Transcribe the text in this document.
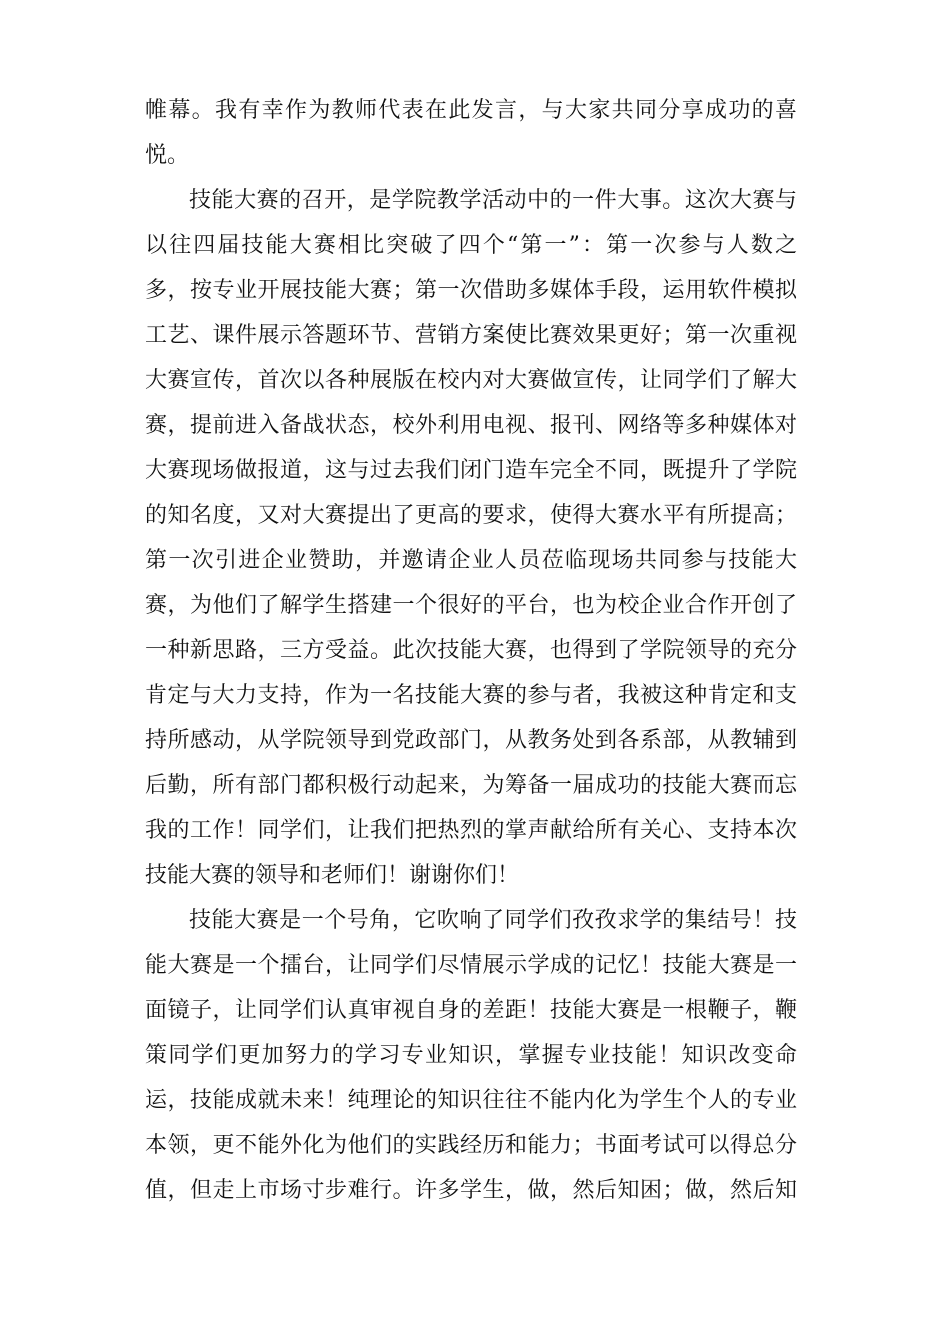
帷幕。我有幸作为教师代表在此发言，与大家共同分享成功的喜
悦。
技能大赛的召开，是学院教学活动中的一件大事。这次大赛与
以往四届技能大赛相比突破了四个“第一”：第一次参与人数之
多，按专业开展技能大赛；第一次借助多媒体手段，运用软件模拟
工艺、课件展示答题环节、营销方案使比赛效果更好；第一次重视
大赛宣传，首次以各种展版在校内对大赛做宣传，让同学们了解大
赛，提前进入备战状态，校外利用电视、报刊、网络等多种媒体对
大赛现场做报道，这与过去我们闭门造车完全不同，既提升了学院
的知名度，又对大赛提出了更高的要求，使得大赛水平有所提高；
第一次引进企业赞助，并邀请企业人员莅临现场共同参与技能大
赛，为他们了解学生搭建一个很好的平台，也为校企业合作开创了
一种新思路，三方受益。此次技能大赛，也得到了学院领导的充分
肯定与大力支持，作为一名技能大赛的参与者，我被这种肯定和支
持所感动，从学院领导到党政部门，从教务处到各系部，从教辅到
后勤，所有部门都积极行动起来，为筹备一届成功的技能大赛而忘
我的工作！同学们，让我们把热烈的掌声献给所有关心、支持本次
技能大赛的领导和老师们！谢谢你们！
技能大赛是一个号角，它吹响了同学们孜孜求学的集结号！技
能大赛是一个擂台，让同学们尽情展示学成的记忆！技能大赛是一
面镜子，让同学们认真审视自身的差距！技能大赛是一根鞭子，鞭
策同学们更加努力的学习专业知识，掌握专业技能！知识改变命
运，技能成就未来！纯理论的知识往往不能内化为学生个人的专业
本领，更不能外化为他们的实践经历和能力；书面考试可以得总分
值，但走上市场寸步难行。许多学生，做，然后知困；做，然后知
